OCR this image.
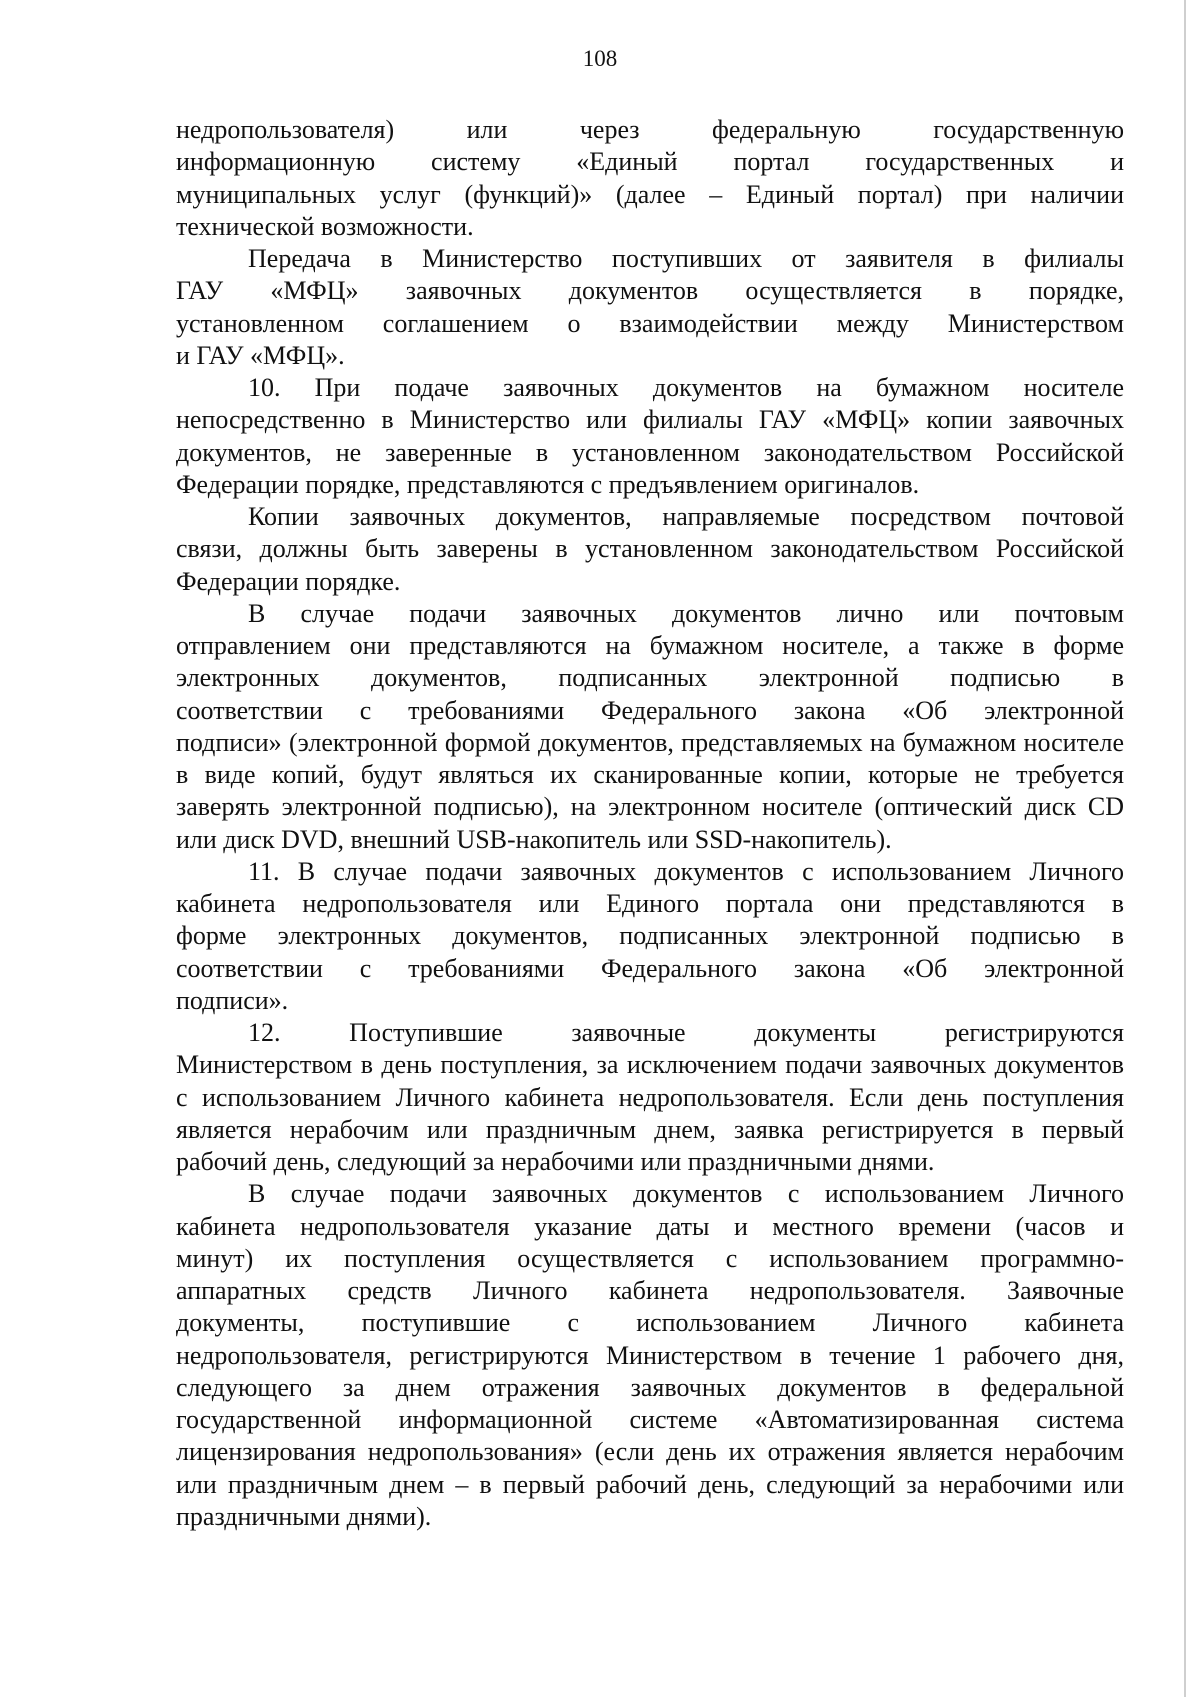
108

недропользователя) или через федеральную государственную
информационную систему «Единый портал государственных и
муниципальных услуг (функций)» (далее – Единый портал) при наличии технической возможности.

Передача в Министерство поступивших от заявителя в филиалы
ГАУ «МФЦ» заявочных документов осуществляется в порядке,
установленном соглашением о взаимодействии между Министерством
и ГАУ «МФЦ».

10. При подаче заявочных документов на бумажном носителе
непосредственно в Министерство или филиалы ГАУ «МФЦ» копии заявочных документов, не заверенные в установленном законодательством Российской Федерации порядке, представляются с предъявлением оригиналов.

Копии заявочных документов, направляемые посредством почтовой
связи, должны быть заверены в установленном законодательством Российской Федерации порядке.

В случае подачи заявочных документов лично или почтовым
отправлением они представляются на бумажном носителе, а также в форме
электронных документов, подписанных электронной подписью в
соответствии с требованиями Федерального закона «Об электронной
подписи» (электронной формой документов, представляемых на бумажном носителе в виде копий, будут являться их сканированные копии, которые не требуется заверять электронной подписью), на электронном носителе (оптический диск CD или диск DVD, внешний USB-накопитель или SSD-накопитель).

11. В случае подачи заявочных документов с использованием Личного
кабинета недропользователя или Единого портала они представляются в
форме электронных документов, подписанных электронной подписью в
соответствии с требованиями Федерального закона «Об электронной
подписи».

12. Поступившие заявочные документы регистрируются
Министерством в день поступления, за исключением подачи заявочных документов с использованием Личного кабинета недропользователя. Если день поступления является нерабочим или праздничным днем, заявка регистрируется в первый рабочий день, следующий за нерабочими или праздничными днями.

В случае подачи заявочных документов с использованием Личного
кабинета недропользователя указание даты и местного времени (часов и
минут) их поступления осуществляется с использованием программно-
аппаратных средств Личного кабинета недропользователя. Заявочные
документы, поступившие с использованием Личного кабинета
недропользователя, регистрируются Министерством в течение 1 рабочего дня, следующего за днем отражения заявочных документов в федеральной государственной информационной системе «Автоматизированная система лицензирования недропользования» (если день их отражения является нерабочим или праздничным днем – в первый рабочий день, следующий за нерабочими или праздничными днями).
